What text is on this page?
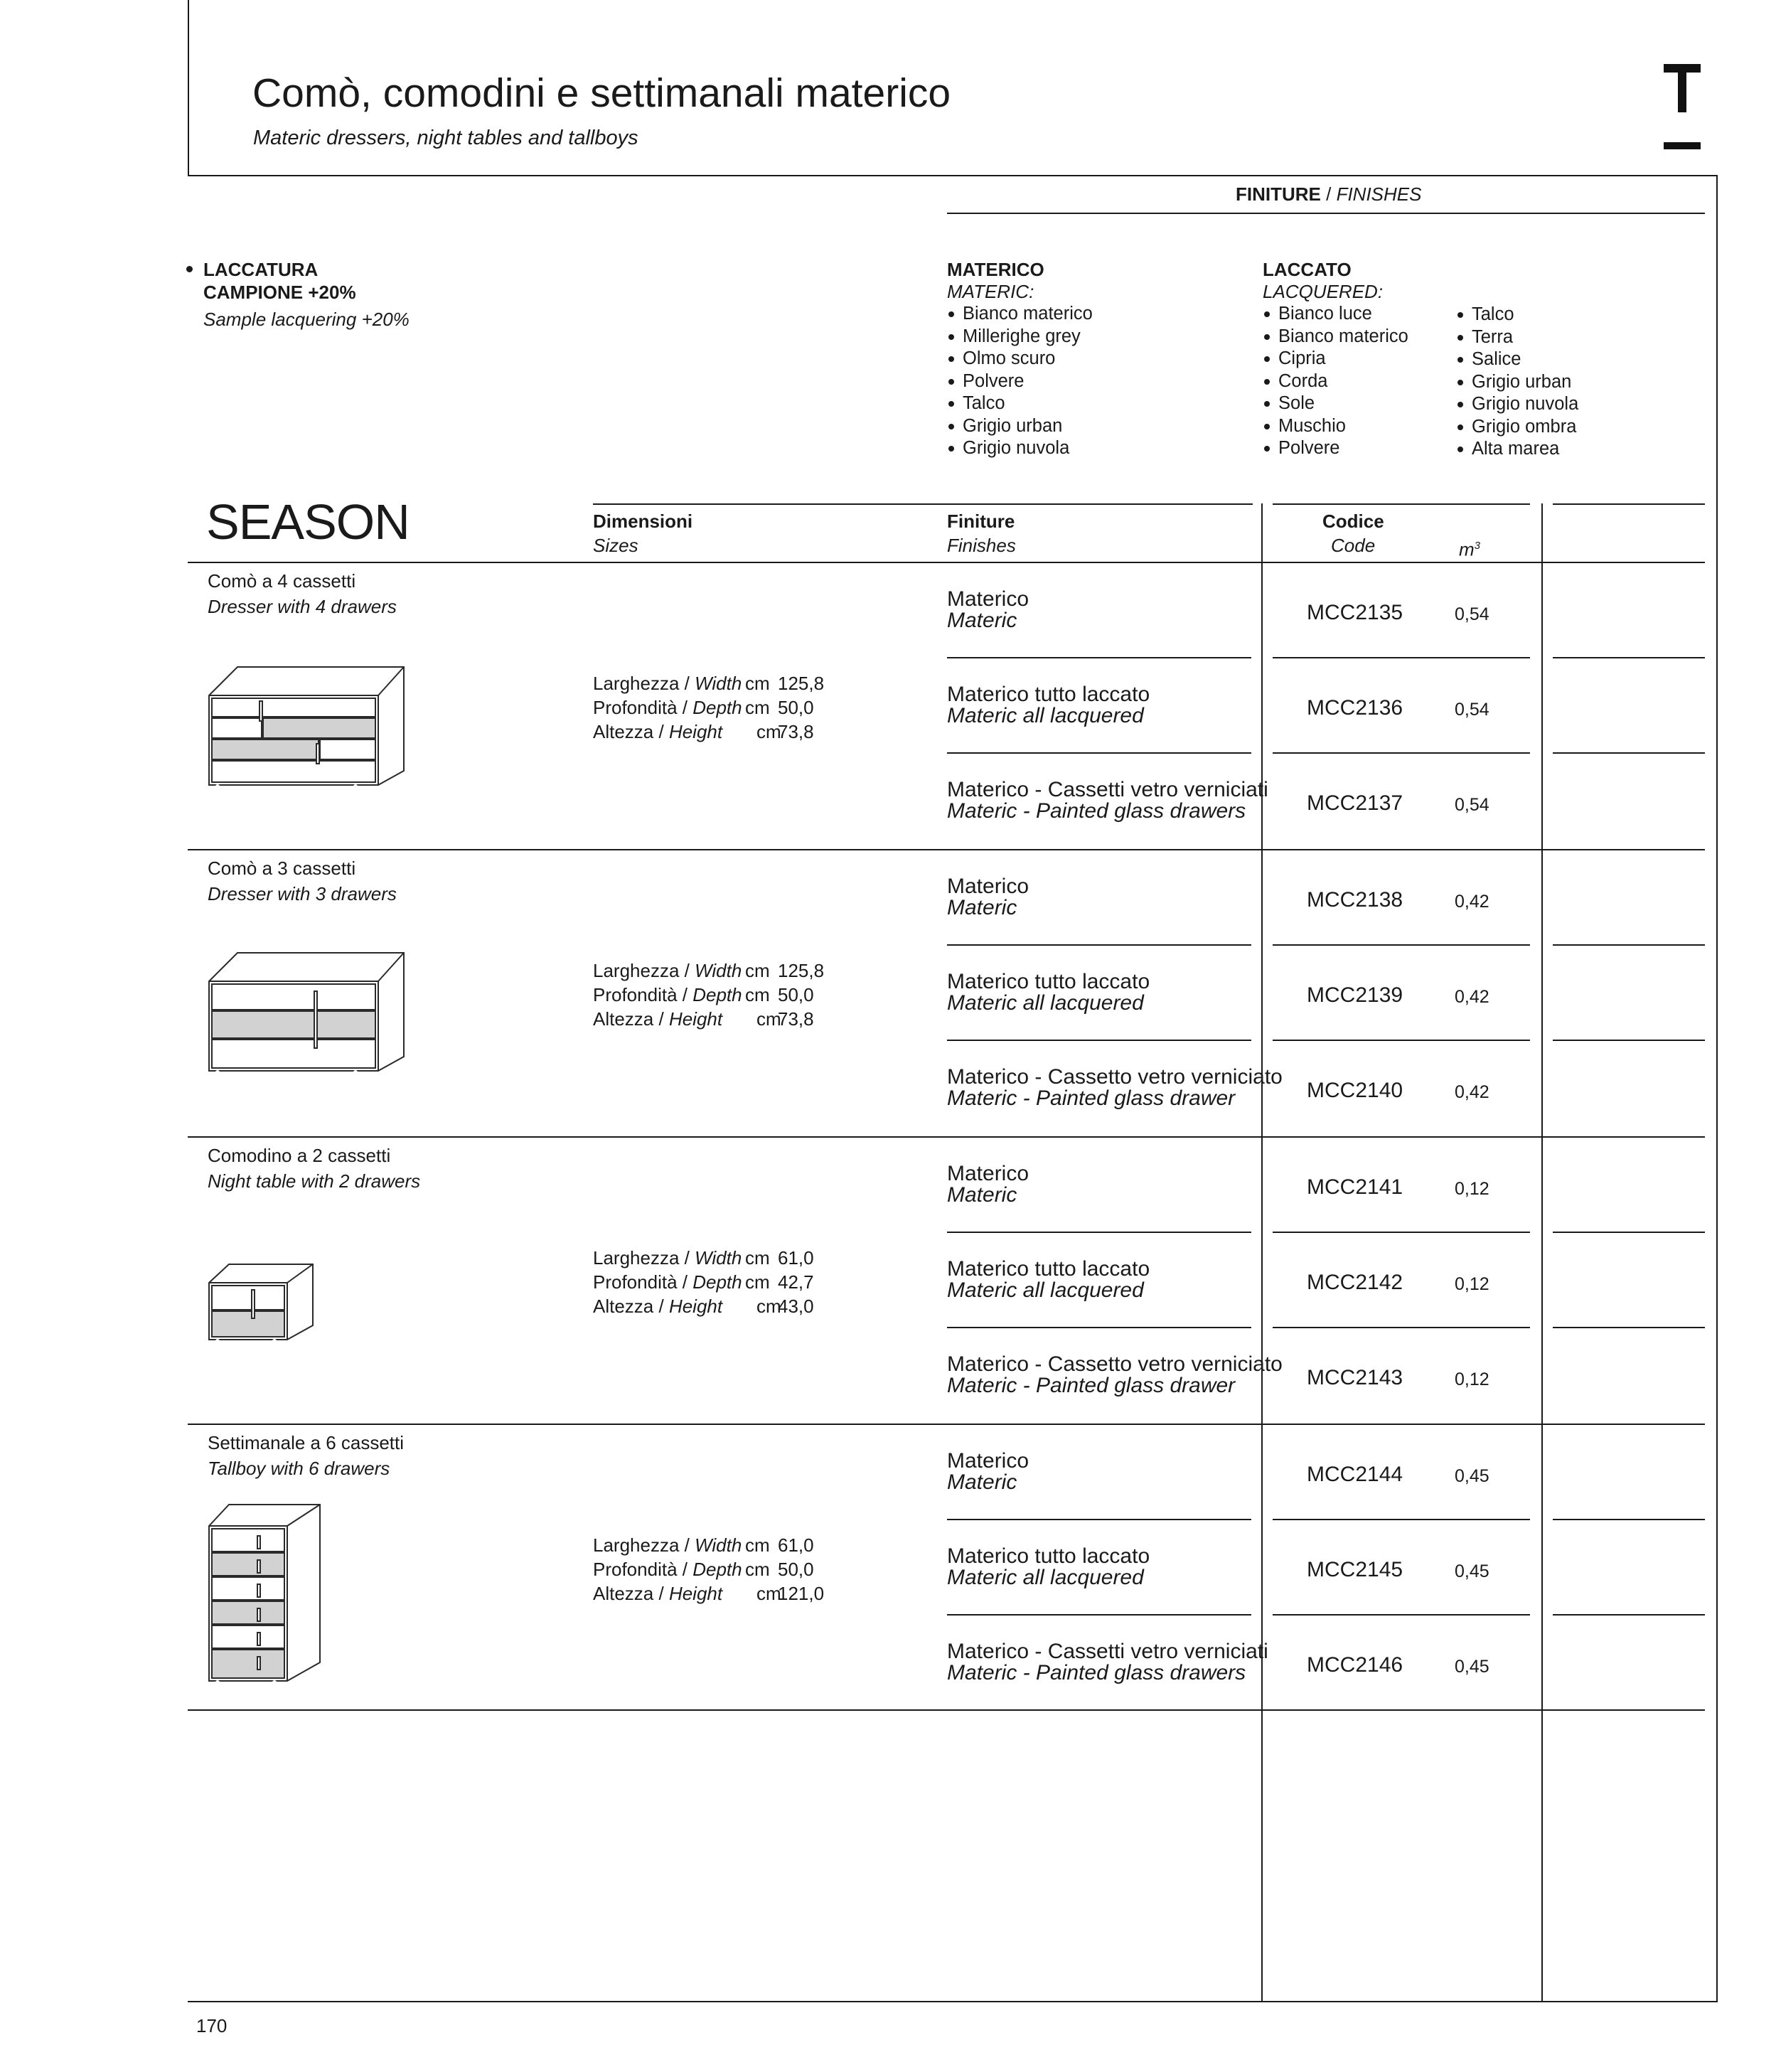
Comò, comodini e settimanali materico
Materic dressers, night tables and tallboys
FINITURE / FINISHES
LACCATURA
CAMPIONE +20%
Sample lacquering +20%
MATERICO
MATERIC:
Bianco materico
Millerighe grey
Olmo scuro
Polvere
Talco
Grigio urban
Grigio nuvola
LACCATO
LACQUERED:
Bianco luce
Bianco materico
Cipria
Corda
Sole
Muschio
Polvere
Talco
Terra
Salice
Grigio urban
Grigio nuvola
Grigio ombra
Alta marea
SEASON	Dimensioni
Sizes
Finiture
Finishes
Codice
Code	$m^3$
Comò a 4 cassetti
Dresser with 4 drawers
Larghezza / Width cm 125,8
Profondità / Depth cm 50,0
Altezza / Height cm
73,8
Materico
Materic	MCC2135	0,54
Materico tutto laccato
Materic all lacquered	MCC2136	0,54
Materico - Cassetti vetro verniciati
Materic - Painted glass drawers	MCC2137	0,54
Comò a 3 cassetti
Dresser with 3 drawers
Larghezza / Width cm 125,8
Profondità / Depth cm 50,0
Altezza / Height cm
73,8
Materico
Materic	MCC2138	0,42
Materico tutto laccato
Materic all lacquered	MCC2139	0,42
Materico - Cassetto vetro verniciato
Materic - Painted glass drawer	MCC2140	0,42
Comodino a 2 cassetti
Night table with 2 drawers
Larghezza / Width cm 61,0
Profondità / Depth cm 42,7
Altezza / Height cm
43,0
Materico
Materic	MCC2141	0,12
Materico tutto laccato
Materic all lacquered	MCC2142	0,12
Materico - Cassetto vetro verniciato
Materic - Painted glass drawer	MCC2143	0,12
Settimanale a 6 cassetti
Tallboy with 6 drawers
Larghezza / Width cm 61,0
Profondità / Depth cm 50,0
Altezza / Height cm
121,0
Materico
Materic	MCC2144	0,45
Materico tutto laccato
Materic all lacquered	MCC2145	0,45
Materico - Cassetti vetro verniciati
Materic - Painted glass drawers	MCC2146	0,45
170
